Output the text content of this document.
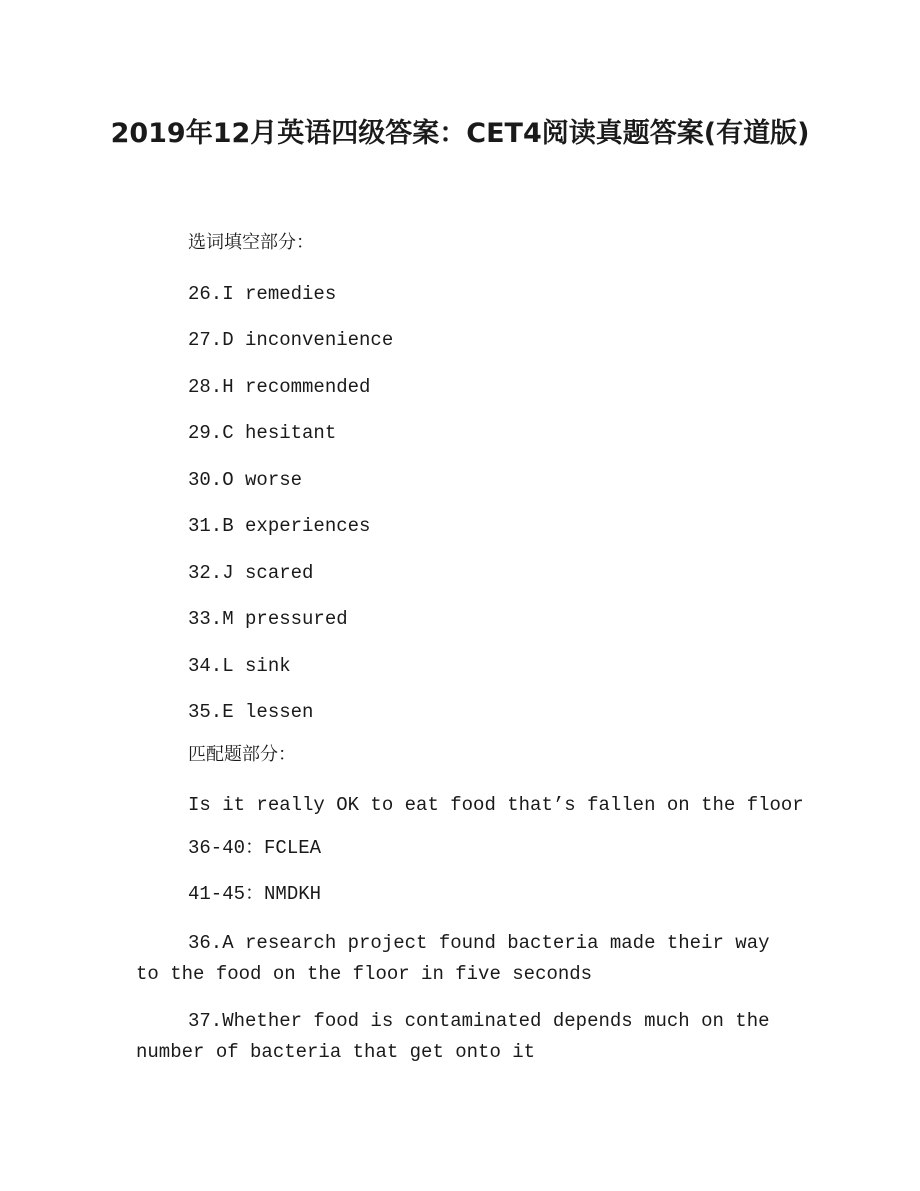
2019年12月英语四级答案：CET4阅读真题答案(有道版)

选词填空部分：

26.I remedies

27.D inconvenience

28.H recommended

29.C hesitant

30.O worse

31.B experiences

32.J scared

33.M pressured

34.L sink

35.E lessen

匹配题部分：

Is it really OK to eat food that’s fallen on the floor

36-40：FCLEA

41-45：NMDKH

36.A research project found bacteria made their way to the food on the floor in five seconds

37.Whether food is contaminated depends much on the number of bacteria that get onto it
